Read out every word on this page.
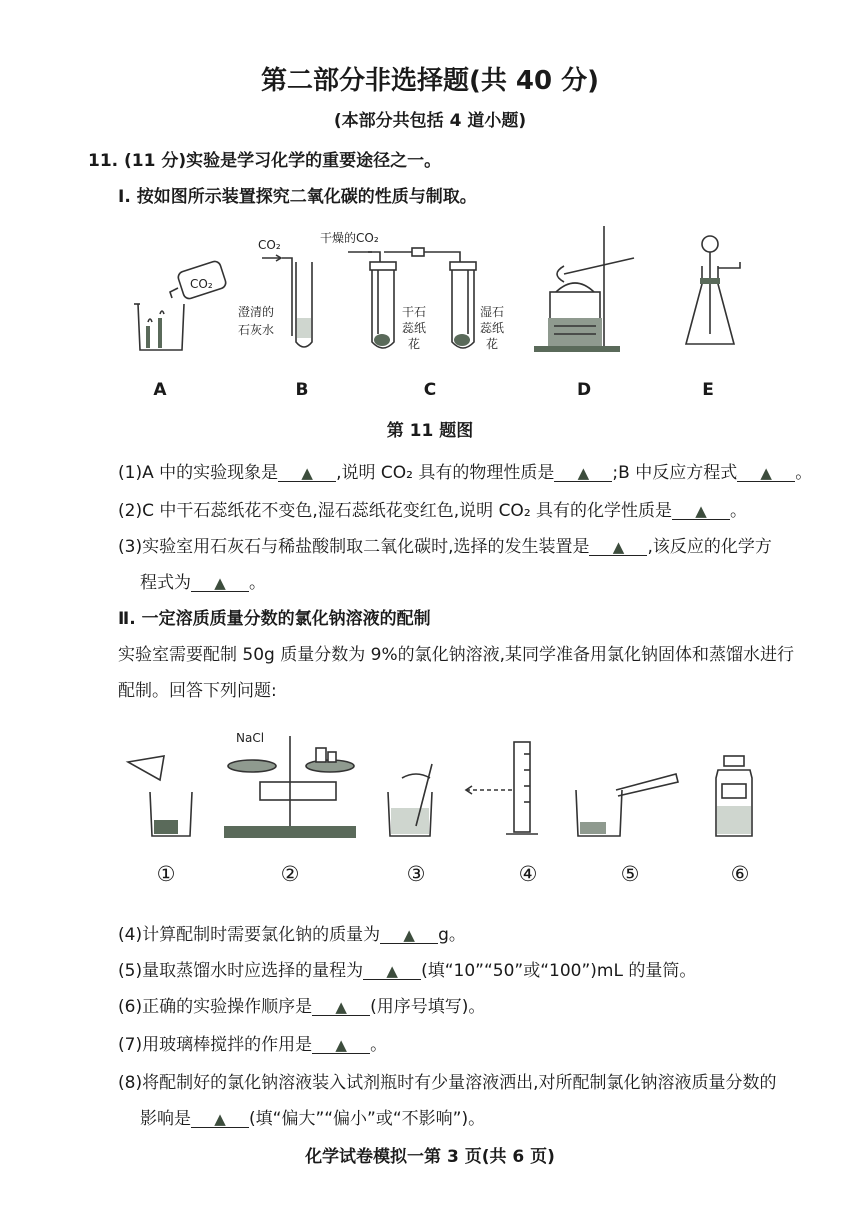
第二部分非选择题(共 40 分)
(本部分共包括 4 道小题)
11. (11 分)实验是学习化学的重要途径之一。
Ⅰ. 按如图所示装置探究二氧化碳的性质与制取。
CO₂
CO₂
澄清的
石灰水
干燥的CO₂
干石
蕊纸
花
湿石
蕊纸
花
A	B	C	D	E
第 11 题图
(1)A 中的实验现象是 ▲ ,说明 CO₂ 具有的物理性质是 ▲ ;B 中反应方程式 ▲ 。
(2)C 中干石蕊纸花不变色,湿石蕊纸花变红色,说明 CO₂ 具有的化学性质是 ▲ 。
(3)实验室用石灰石与稀盐酸制取二氧化碳时,选择的发生装置是 ▲ ,该反应的化学方
程式为 ▲ 。
Ⅱ. 一定溶质质量分数的氯化钠溶液的配制
实验室需要配制 50g 质量分数为 9%的氯化钠溶液,某同学准备用氯化钠固体和蒸馏水进行
配制。回答下列问题:
NaCl
①	②	③	④	⑤	⑥
(4)计算配制时需要氯化钠的质量为 ▲ g。
(5)量取蒸馏水时应选择的量程为 ▲ (填“10”“50”或“100”)mL 的量筒。
(6)正确的实验操作顺序是 ▲ (用序号填写)。
(7)用玻璃棒搅拌的作用是 ▲ 。
(8)将配制好的氯化钠溶液装入试剂瓶时有少量溶液洒出,对所配制氯化钠溶液质量分数的
影响是 ▲ (填“偏大”“偏小”或“不影响”)。
化学试卷模拟一第 3 页(共 6 页)
